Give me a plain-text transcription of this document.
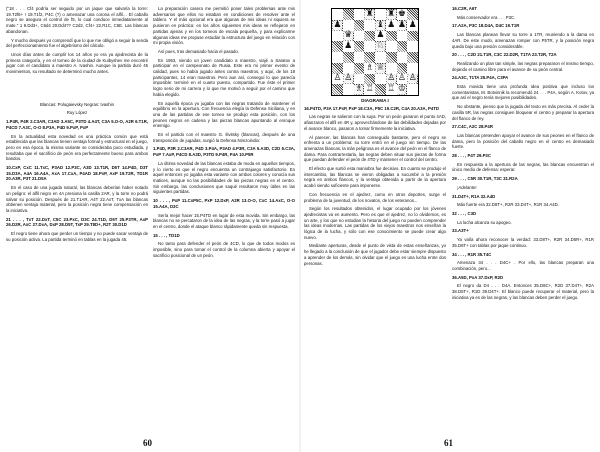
("18 . . . Cf4 podría ser seguido por un jaque que salvaría la torre: 19.T2f6+ ! 19.T1f2, P4C (?) o amenazar una corona el alfil… El caballo negro se asegura el control de f5, lo cual conduce inmediatamente al mate." 1 9.Dd3+, C6d4 20.Dd4?? C2d2, Cf4+ 22.R1C, C6E. Las blancas abandonan.

Y mucho después yo comprendí que lo que me obligó a seguir la senda del perfeccionamiento fue el algebrismo del cálculo.

Unos días antes de cumplir los 14 años yo era ya ajedrecista de la primera categoría, y en el torneo de la ciudad de Kuibyshev me encontré jugar con el candidato a maestro A. Ivashin. Aunque la partida duró 45 movimientos, su resultado se determinó mucho antes.

Blancas: Polugaievsky Negras: Ivashin

Ruy López

1.P4R, P4R 2.C3AR, C3AD 3.A5C, P3TD 4.A4T, C3A 5.O-O, A2R 6.T1R, P4CD 7.A3C, O-O 8.P3A, P4D 9.PxP, PxP

En la actualidad esta novedad es una práctica común que está establecida que las blancas tienen ventaja formal y estructural en el juego, pero en esa época, la misma variante se consideraba poco estudiada, y resultaba que el sacrificio de peón era perfectamente bueno para ambos bandos.

10.CxP, CxC 11.TxC, P3AD 12.P3C, A3D 13.T1R, D5T 14.P4D, D3T 15.D3A, A4A 16.A4A, AxA 17.CxA, P4AD 18.PxP, AxP 19.T2R, TD1R 20.A3R, P3T 21.D5A

En el caso de una jugada natural, las blancas deberían haber notado un peligro: el alfil negro en 4A presiona la casilla 2AR, y la torre no podrá salvar su posición. Después de 21.T1AR, A4T 22.AxT, TxA las blancas obtienen ventaja material, pero la posición negra tiene compensación en la iniciativa.

21 . . . , TxT 22.DxT, C5C 23.PxC, D3C 24.T1D, D5T 25.P3TR, AxP 26.D2R, AxC 27.DxA, DxP 28.D5T, TxP 29.T8D+, R2T 30.D1D

El negro tiene ahora que perder un tiempo y no puede sacar ventaja de su posición activa. La partida terminó en tablas en la jugada 45.

La preparación casera me permitió poner tales problemas ante mis adversarios que ellos no estaban en condiciones de resolver ante el tablero. Y el más opcional era que algunas de mis ideas ni siquiera se pusieron en práctica: en los años siguientes mis ideas se reflejaron en partidas ajenas y en los torneos de escala pequeña, y para explicarme algunas ideas me propuse estudiar la estructura del juego en relación con mi propia visión.

Así pues, tras demasiado hacia el pasado.

En 1953, siendo un joven candidato a maestro, viajé a Saratov a participar en el campeonato de Rusia. Este era mi primer evento de calidad, pues no había jugado antes contra maestros, y aquí, de los 18 participantes, 14 eran maestros. Pero aun así, conseguí lo que parecía imposible: terminé en el cuarto puesto, compartido. Fue éste el primer logro serio de mi carrera y lo que me motivó a seguir por el camino que había elegido.

En aquella época yo jugaba con las negras tratando de mantener el equilibrio en la apertura. Con frecuencia elegía la Defensa Siciliana, y en una de las partidas de ese torneo se produjo esta posición, con los peones negros en cadena y las piezas blancas apuntando al enroque enemigo.

En el partido con el maestro G. Ilivitsky (blancas), después de una transposición de jugadas, surgió la Defensa Nimzoindia:

1.P4D, P3R 2.C3AR, P4D 3.P4A, P3AD 4.P3R, C3A 5.A3D, C2D 6.C3A, PxP 7.AxP, P4CD 8.A3D, P3TD 9.P4R, P4A 10.P5R

La última novedad de las blancas estaba de moda en aquellos tiempos, y lo cierto es que el negro encuentra un contrajuego satisfactorio. En aquel entonces yo jugaba esta variante con ambos colores y conocía sus matices, aunque no las posibilidades de las piezas negras en el centro. Sin embargo, las conclusiones que saqué resultaron muy útiles en las siguientes partidas.

10 . . . , PxP 11.CxP5C, PxP 12.DxP, A2R 13.O-O, CxC 14.AxC, O-O 15.A4A, D3C

Sería mejor hacer 15.P4TD en lugar de esta movida. Sin embargo, las blancas no se percataron de la idea de las negras, y la torre pasó a jugar en el centro, donde el ataque blanco rápidamente queda sin respuesta.

15 . . . , TD1D

No tanto para defender el peón de 4CD, lo que de todos modos es imposible, sino para tomar el control de la columna abierta y apoyar el sacrificio posicional de un peón.

60
♜ ♜ ♚
♟	♝ ♟ ♟ ♟
♛	♟
♟	♘
♗ ♕
♙ ♙	♙ ♙ ♙
♗ ♖ ♖ ♔
DIAGRAMA I

16.P4TD, P3A 17.PxP, PxP 18.C3A, P5C 19.C2R, C4A 20.A3A, P4TD

Las negras se salieron con la suya. Por un peón ganaron el punto 4AD, afianzaron el alfil en 4R y, aprovechándose de las debilidades dejadas por el avance blanco, pasaron a tomar firmemente la iniciativa.

Al parecer, las blancas han conseguido bastante, pero el negro se enfrenta a un problema: su torre entró en el juego sin tiempo. De las amenazas blancas, la más peligrosa es el avance del peón en el flanco de dama. Para contrarrestarla, las negras deben situar sus piezas de forma que puedan defender el peón de 4TD y mantener el control del centro.

El efecto que surtió esta maniobra fue decisivo. En cuanto se produjo el intercambio, las blancas se vieron obligadas a sucumbir a la presión negra en ambos flancos, y la ventaja obtenida a partir de la apertura acabó siendo suficiente para imponerse.

Con frecuencia en el ajedrez, como en otros deportes, surge el problema de la juventud, de los novatos, de los veteranos...

Según los resultados obtenidos, el lugar ocupado por los jóvenes ajedrecistas va en aumento. Pero es que el ajedrez, no lo olvidemos, es un arte, y los que no estudian la historia del juego no pueden comprender las ideas modernas. Las partidas de los viejos maestros nos enseñan la lógica de la lucha, y sólo con ese conocimiento se puede crear algo nuevo.

Mediante aperturas, desde el punto de vista de estas enseñanzas, yo he llegado a la conclusión de que el jugador debe estar siempre dispuesto a aprender de los demás, sin olvidar que el juego es una lucha entre dos personas.

16.C2R, A6T

Más conservador era . . . P3C.

17.A2A, P3C 18.D4A, D4C 19.T1R

Las blancas planean llevar su torre a 1TR, reuniendo a la dama en 4AR. De este modo, amenazan romper con P5TR, y la posición negra queda bajo una presión considerable.

20 . . . , C2D 21.T1R, C3C 22.D2R, T1TA 23.T2R, T2A

Realizando un plan tan simple, las negras prepararon el mismo tiempo, dejando el camino libre para el avance de su peón central.

24.A3C, T1TA 25.P4A, C3PA

Esta movida tiene una profunda idea positiva que incluso los comentaristas, M. Botvinnik la recomendó 24 . . . P4A, según A. Kotov, ya que así el negro tenía mejores posibilidades.

No obstante, pienso que la jugada del texto es más precisa. Al ceder la casilla 5R, las negras consiguen bloquear el centro y preparar la apertura del flanco de rey.

27.C4C, A2C 28.P4R

Las blancas pretenden apoyar el avance de sus peones en el flanco de dama, pero la posición del caballo negro en el centro es demasiado fuerte.

28 . . . , P4T 29.P3C

En respuesta a la apertura de las negras, las blancas encuentran el único medio de defensa: esperar.

29 . . . , C5R 30.T1R, T3C 31.R2A

¡Adelante!

31.D4T+, R1A 32.A4D

Más fuerte era 32.D8T+, R2R 33.D4T+, R1R 34.A4D.

32 . . . , C3D

La lucha alcanza su apogeo.

33.A3T+

Ya valía ahora reconocer la verdad: 33.D8T+, R2R 34.D5R+, R1R 35.D8T+ con tablas por jaque continuo.

34 . . . , R1R 35.T4C

Amenaza 34 . . . D4C+ . Por ello, las blancas preparan una combinación, pero...

36.A5D, PxA 37.DxP, R2D

El negro da D4 . . . D4A. Entonces 35.D8C+, R2D 37.D4T+, R2A 38.D5T+, R1D 39.D4T+. El blanco puede recuperar el material, pero la iniciativa ya es de las negras, y las blancas deben perder el juego.

61
